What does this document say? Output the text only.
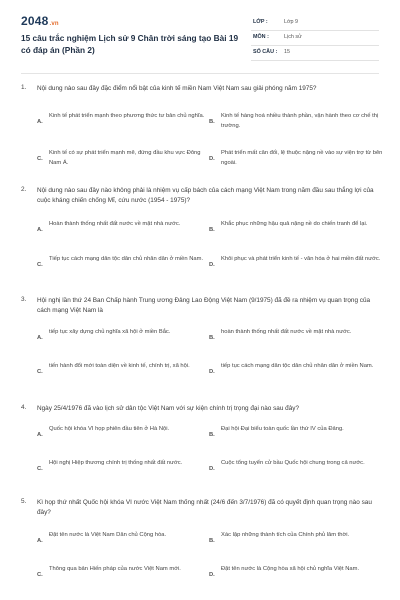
2048.vn
15 câu trắc nghiệm Lịch sử 9 Chân trời sáng tạo Bài 19 có đáp án (Phần 2)
LỚP :	Lớp 9
MÔN :	Lịch sử
SỐ CÂU : 15
1. Nội dung nào sau đây đặc điểm nổi bật của kinh tế miền Nam Việt Nam sau giải phóng năm 1975?
A.
Kinh tế phát triển mạnh theo phương thức tư bản chủ nghĩa.
B.
Kinh tế hàng hoá nhiều thành phần, vận hành theo cơ chế thị trường.
C.
Kinh tế có sự phát triển mạnh mẽ, đứng đầu khu vực Đông Nam Á.
D.
Phát triển mất cân đối, lệ thuộc nặng nề vào sự viện trợ từ bên ngoài.
2. Nội dung nào sau đây nào không phải là nhiệm vụ cấp bách của cách mạng Việt Nam trong năm đầu sau thắng lợi của cuộc kháng chiến chống Mĩ, cứu nước (1954 - 1975)?
A.
Hoàn thành thống nhất đất nước về mặt nhà nước.
B.
Khắc phục những hậu quả nặng nề do chiến tranh để lại.
C.
Tiếp tục cách mạng dân tộc dân chủ nhân dân ở miền Nam.
D.
Khôi phục và phát triển kinh tế - văn hóa ở hai miền đất nước.
3. Hội nghị lần thứ 24 Ban Chấp hành Trung ương Đảng Lao Động Việt Nam (9/1975) đã đề ra nhiệm vụ quan trọng của cách mạng Việt Nam là
A.
tiếp tục xây dựng chủ nghĩa xã hội ở miền Bắc.
B.
hoàn thành thống nhất đất nước về mặt nhà nước.
C.
tiến hành đổi mới toàn diện về kinh tế, chính trị, xã hội.
D.
tiếp tục cách mạng dân tộc dân chủ nhân dân ở miền Nam.
4. Ngày 25/4/1976 đã vào lịch sử dân tộc Việt Nam với sự kiện chính trị trọng đại nào sau đây?
A.
Quốc hội khóa VI họp phiên đầu tiên ở Hà Nội.
B.
Đại hội Đại biểu toàn quốc lần thứ IV của Đảng.
C.
Hội nghị Hiệp thương chính trị thống nhất đất nước.
D.
Cuộc tổng tuyển cử bầu Quốc hội chung trong cả nước.
5. Kì họp thứ nhất Quốc hội khóa VI nước Việt Nam thống nhất (24/6 đến 3/7/1976) đã có quyết định quan trọng nào sau đây?
A.
Đặt tên nước là Việt Nam Dân chủ Cộng hòa.
B.
Xác lập những thành tích của Chính phủ lâm thời.
C.
Thông qua bản Hiến pháp của nước Việt Nam mới.
D.
Đặt tên nước là Cộng hòa xã hội chủ nghĩa Việt Nam.
